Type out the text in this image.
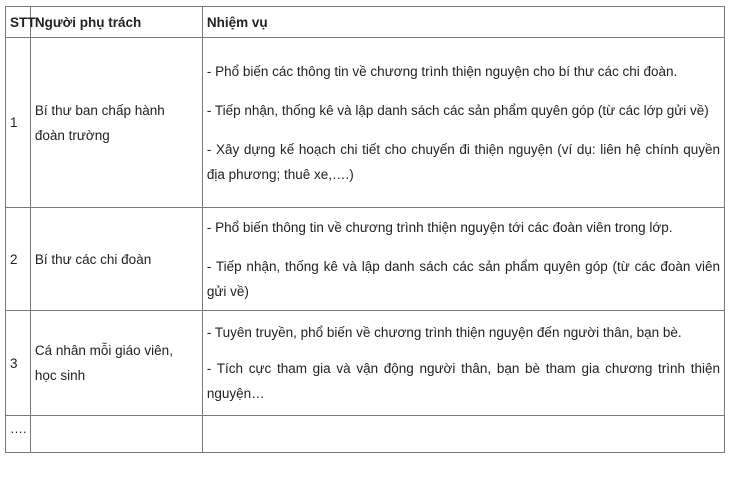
STT	Người phụ trách	Nhiệm vụ
1	Bí thư ban chấp hành đoàn trường	- Phổ biến các thông tin về chương trình thiện nguyện cho bí thư các chi đoàn.

- Tiếp nhận, thống kê và lập danh sách các sản phẩm quyên góp (từ các lớp gửi về)

- Xây dựng kế hoạch chi tiết cho chuyến đi thiện nguyện (ví dụ: liên hệ chính quyền địa phương; thuê xe,….)

2	Bí thư các chi đoàn	- Phổ biến thông tin về chương trình thiện nguyện tới các đoàn viên trong lớp.

- Tiếp nhận, thống kê và lập danh sách các sản phẩm quyên góp (từ các đoàn viên gửi về)

3	Cá nhân mỗi giáo viên, học sinh	- Tuyên truyền, phổ biến về chương trình thiện nguyện đến người thân, bạn bè.

- Tích cực tham gia và vận động người thân, bạn bè tham gia chương trình thiện nguyện…

….		
